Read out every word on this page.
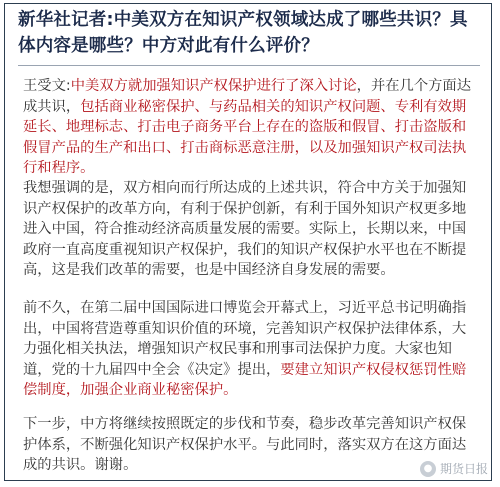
新华社记者:中美双方在知识产权领域达成了哪些共识？具体内容是哪些？中方对此有什么评价？

王受文:中美双方就加强知识产权保护进行了深入讨论，并在几个方面达成共识，包括商业秘密保护、与药品相关的知识产权问题、专利有效期延长、地理标志、打击电子商务平台上存在的盗版和假冒、打击盗版和假冒产品的生产和出口、打击商标恶意注册，以及加强知识产权司法执行和程序。

我想强调的是，双方相向而行所达成的上述共识，符合中方关于加强知识产权保护的改革方向，有利于保护创新，有利于国外知识产权更多地进入中国，符合推动经济高质量发展的需要。实际上，长期以来，中国政府一直高度重视知识产权保护，我们的知识产权保护水平也在不断提高，这是我们改革的需要，也是中国经济自身发展的需要。

前不久，在第二届中国国际进口博览会开幕式上，习近平总书记明确指出，中国将营造尊重知识价值的环境，完善知识产权保护法律体系，大力强化相关执法，增强知识产权民事和刑事司法保护力度。大家也知道，党的十九届四中全会《决定》提出，要建立知识产权侵权惩罚性赔偿制度，加强企业商业秘密保护。

下一步，中方将继续按照既定的步伐和节奏，稳步改革完善知识产权保护体系，不断强化知识产权保护水平。与此同时，落实双方在这方面达成的共识。谢谢。	● 期货日报
